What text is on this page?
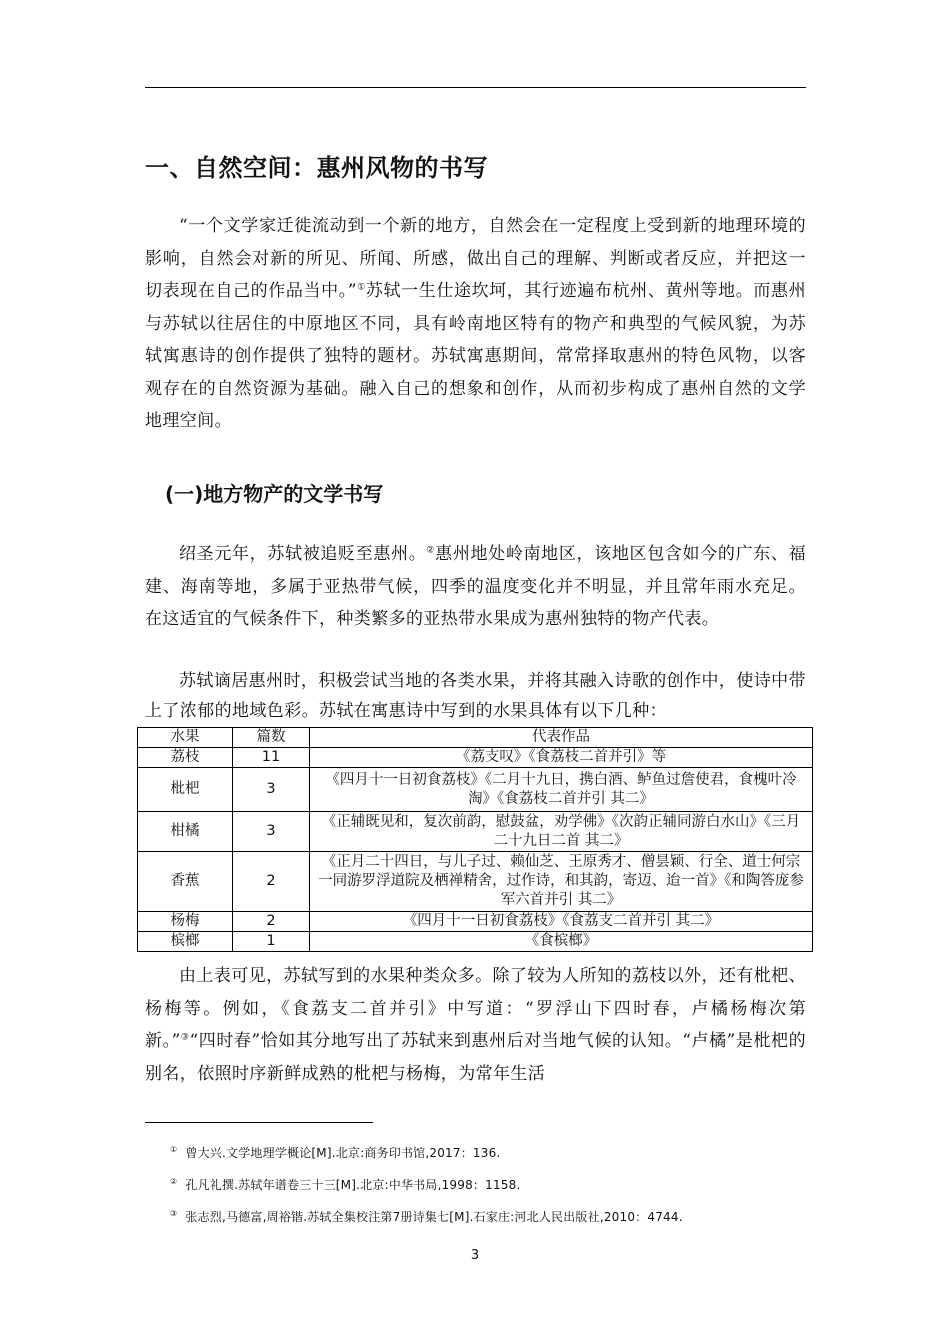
一、自然空间：惠州风物的书写

“一个文学家迁徙流动到一个新的地方，自然会在一定程度上受到新的地理环境的影响，自然会对新的所见、所闻、所感，做出自己的理解、判断或者反应，并把这一切表现在自己的作品当中。”①苏轼一生仕途坎坷，其行迹遍布杭州、黄州等地。而惠州与苏轼以往居住的中原地区不同，具有岭南地区特有的物产和典型的气候风貌，为苏轼寓惠诗的创作提供了独特的题材。苏轼寓惠期间，常常择取惠州的特色风物，以客观存在的自然资源为基础。融入自己的想象和创作，从而初步构成了惠州自然的文学地理空间。

(一)地方物产的文学书写

绍圣元年，苏轼被追贬至惠州。②惠州地处岭南地区，该地区包含如今的广东、福建、海南等地，多属于亚热带气候，四季的温度变化并不明显，并且常年雨水充足。在这适宜的气候条件下，种类繁多的亚热带水果成为惠州独特的物产代表。

苏轼谪居惠州时，积极尝试当地的各类水果，并将其融入诗歌的创作中，使诗中带上了浓郁的地域色彩。苏轼在寓惠诗中写到的水果具体有以下几种：

水果	篇数	代表作品
荔枝	11	《荔支叹》《食荔枝二首并引》等
枇杷	3	《四月十一日初食荔枝》《二月十九日，携白酒、鲈鱼过詹使君，食槐叶冷淘》《食荔枝二首并引 其二》
柑橘	3	《正辅既见和，复次前韵，慰鼓盆，劝学佛》《次韵正辅同游白水山》《三月二十九日二首 其二》
香蕉	2	《正月二十四日，与儿子过、赖仙芝、王原秀才、僧昙颖、行全、道士何宗一同游罗浮道院及栖禅精舍，过作诗，和其韵，寄迈、迨一首》《和陶答庞参军六首并引 其二》
杨梅	2	《四月十一日初食荔枝》《食荔支二首并引 其二》
槟榔	1	《食槟榔》

由上表可见，苏轼写到的水果种类众多。除了较为人所知的荔枝以外，还有枇杷、杨梅等。例如，《食荔支二首并引》中写道：“罗浮山下四时春，卢橘杨梅次第新。”③“四时春”恰如其分地写出了苏轼来到惠州后对当地气候的认知。“卢橘”是枇杷的别名，依照时序新鲜成熟的枇杷与杨梅，为常年生活

① 曾大兴.文学地理学概论[M].北京:商务印书馆,2017：136.

② 孔凡礼撰.苏轼年谱卷三十三[M].北京:中华书局,1998：1158.

③ 张志烈,马德富,周裕锴.苏轼全集校注第7册诗集七[M].石家庄:河北人民出版社,2010：4744.

3
